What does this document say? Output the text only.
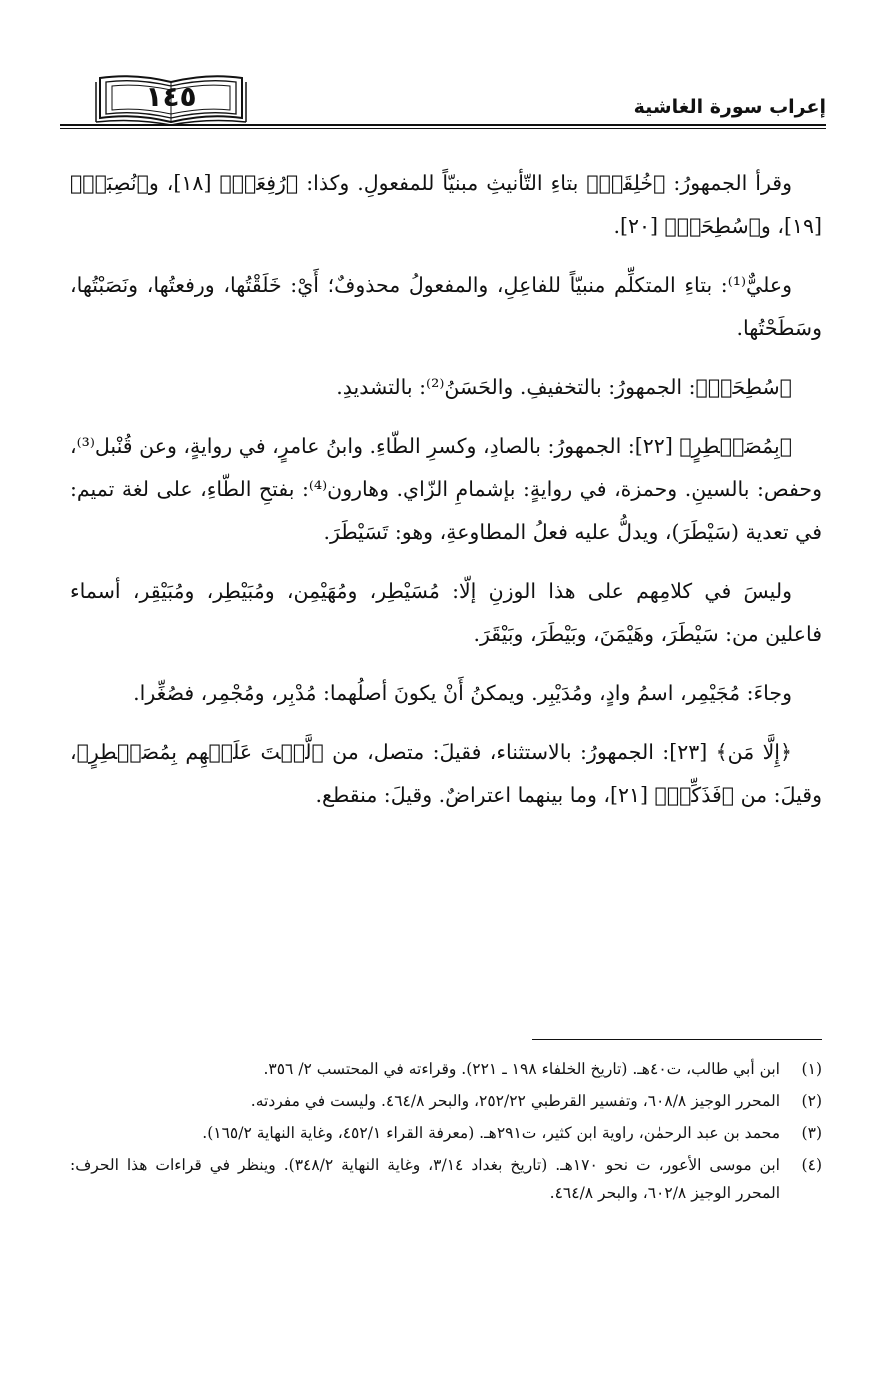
١٤٥	إعراب سورة الغاشية

وقرأ الجمهورُ: ﴿خُلِقَتۡ﴾ بتاءِ التّأنيثِ مبنيّاً للمفعولِ. وكذا: ﴿رُفِعَتۡ﴾ [١٨]، و﴿نُصِبَتۡ﴾ [١٩]، و﴿سُطِحَتۡ﴾ [٢٠].

وعليٌّ⁽¹⁾: بتاءِ المتكلِّم منبيّاً للفاعِلِ، والمفعولُ محذوفٌ؛ أَيْ: خَلَقْتُها، ورفعتُها، ونَصَبْتُها، وسَطَحْتُها.

﴿سُطِحَتۡ﴾: الجمهورُ: بالتخفيفِ. والحَسَنُ⁽²⁾: بالتشديدِ.

﴿بِمُصَيۡطِرٍ﴾ [٢٢]: الجمهورُ: بالصادِ، وكسرِ الطّاءِ. وابنُ عامرٍ، في روايةٍ، وعن قُنْبل⁽³⁾، وحفص: بالسينِ. وحمزة، في روايةٍ: بإشمامِ الزّاي. وهارون⁽⁴⁾: بفتحِ الطّاءِ، على لغة تميم: في تعدية (سَيْطَرَ)، ويدلُّ عليه فعلُ المطاوعةِ، وهو: تَسَيْطَرَ.

وليسَ في كلامِهم على هذا الوزنِ إلّا: مُسَيْطِر، ومُهَيْمِن، ومُبَيْطِر، ومُبَيْقِر، أسماء فاعلين من: سَيْطَرَ، وهَيْمَنَ، وبَيْطَرَ، وبَيْقَرَ.

وجاءَ: مُجَيْمِر، اسمُ وادٍ، ومُدَيْبِر. ويمكنُ أَنْ يكونَ أصلُهما: مُدْبِر، ومُجْمِر، فصُغِّرا.

﴿إِلَّا مَن﴾ [٢٣]: الجمهورُ: بالاستثناء، فقيلَ: متصل، من ﴿لَّسۡتَ عَلَيۡهِم بِمُصَيۡطِرٍ﴾، وقيلَ: من ﴿فَذَكِّرۡ﴾ [٢١]، وما بينهما اعتراضٌ. وقيلَ: منقطع.

(١)
ابن أبي طالب، ت٤٠هـ. (تاريخ الخلفاء ١٩٨ ـ ٢٢١). وقراءته في المحتسب ٢/ ٣٥٦.
(٢)
المحرر الوجيز ٦٠٨/٨، وتفسير القرطبي ٢٥٢/٢٢، والبحر ٤٦٤/٨. وليست في مفردته.
(٣)
محمد بن عبد الرحمٰن، راوية ابن كثير، ت٢٩١هـ. (معرفة القراء ٤٥٢/١، وغاية النهاية ١٦٥/٢).
(٤)
ابن موسى الأعور، ت نحو ١٧٠هـ. (تاريخ بغداد ٣/١٤، وغاية النهاية ٣٤٨/٢). وينظر في قراءات هذا الحرف: المحرر الوجيز ٦٠٢/٨، والبحر ٤٦٤/٨.
